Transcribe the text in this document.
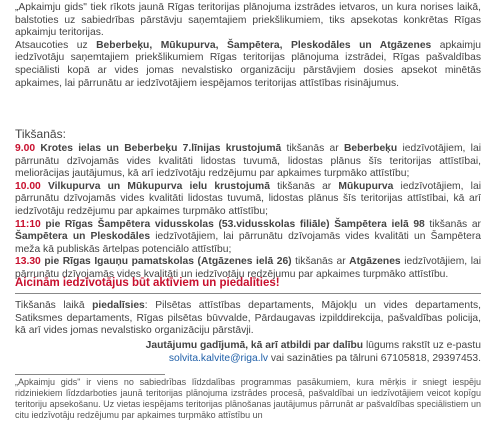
„Apkaimju gids" tiek rīkots jaunā Rīgas teritorijas plānojuma izstrādes ietvaros, un kura norises laikā, balstoties uz sabiedrības pārstāvju saņemtajiem priekšlikumiem, tiks apsekotas konkrētas Rīgas apkaimju teritorijas.

Atsaucoties uz Beberbeķu, Mūkupurva, Šampētera, Pleskodāles un Atgāzenes apkaimju iedzīvotāju saņemtajiem priekšlikumiem Rīgas teritorijas plānojuma izstrādei, Rīgas pašvaldības speciālisti kopā ar vides jomas nevalstisko organizāciju pārstāvjiem dosies apsekot minētās apkaimes, lai pārrunātu ar iedzīvotājiem iespējamos teritorijas attīstības risinājumus.

Tikšanās:

9.00 Krotes ielas un Beberbeķu 7.līnijas krustojumā tikšanās ar Beberbeķu iedzīvotājiem, lai pārrunātu dzīvojamās vides kvalitāti lidostas tuvumā, lidostas plānus šīs teritorijas attīstībai, meliorācijas jautājumus, kā arī iedzīvotāju redzējumu par apkaimes turpmāko attīstību;

10.00 Vilkupurva un Mūkupurva ielu krustojumā tikšanās ar Mūkupurva iedzīvotājiem, lai pārrunātu dzīvojamās vides kvalitāti lidostas tuvumā, lidostas plānus šīs teritorijas attīstībai, kā arī iedzīvotāju redzējumu par apkaimes turpmāko attīstību;

11:10 pie Rīgas Šampētera vidusskolas (53.vidusskolas filiāle) Šampētera ielā 98 tikšanās ar Šampētera un Pleskodāles iedzīvotājiem, lai pārrunātu dzīvojamās vides kvalitāti un Šampētera meža kā publiskās ārtelpas potenciālo attīstību;

13.30 pie Rīgas Igauņu pamatskolas (Atgāzenes ielā 26) tikšanās ar Atgāzenes iedzīvotājiem, lai pārrunātu dzīvojamās vides kvalitāti un iedzīvotāju redzējumu par apkaimes turpmāko attīstību.

Aicinām iedzīvotājus būt aktīviem un piedalīties!

Tikšanās laikā piedalīsies: Pilsētas attīstības departaments, Mājokļu un vides departaments, Satiksmes departaments, Rīgas pilsētas būvvalde, Pārdaugavas izpilddirekcija, pašvaldības policija, kā arī vides jomas nevalstisko organizāciju pārstāvji.

Jautājumu gadījumā, kā arī atbildi par dalību lūgums rakstīt uz e-pastu
solvita.kalvite@riga.lv vai sazināties pa tālruni 67105818, 29397453.

„Apkaimju gids" ir viens no sabiedrības līdzdalības programmas pasākumiem, kura mērķis ir sniegt iespēju ridziniekiem līdzdarboties jaunā teritorijas plānojuma izstrādes procesā, pašvaldībai un iedzīvotājiem veicot kopīgu teritoriju apsekošanu. Uz vietas iespējams teritorijas plānošanas jautājumus pārrunāt ar pašvaldības speciālistiem un citu iedzīvotāju redzējumu par apkaimes turpmāko attīstību un
